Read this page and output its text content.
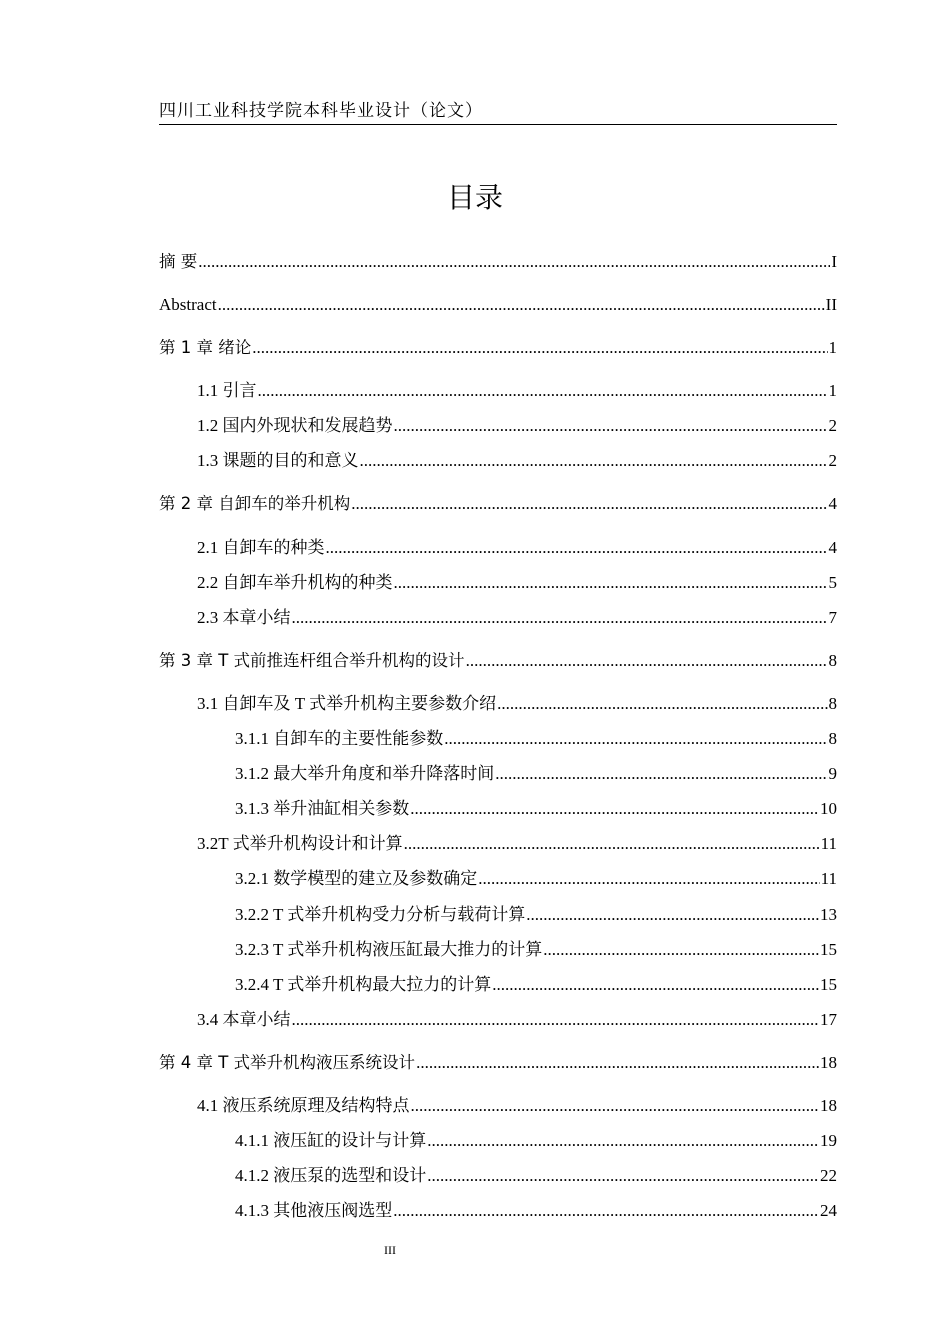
四川工业科技学院本科毕业设计（论文）
目录
摘 要 .....	I
Abstract .....	II
第 1 章 绪论 .....	1
1.1 引言 .....	1
1.2 国内外现状和发展趋势 .....	2
1.3 课题的目的和意义 .....	2
第 2 章 自卸车的举升机构 .....	4
2.1 自卸车的种类 .....	4
2.2 自卸车举升机构的种类 .....	5
2.3 本章小结 .....	7
第 3 章 T 式前推连杆组合举升机构的设计 .....	8
3.1 自卸车及 T 式举升机构主要参数介绍 .....	8
3.1.1 自卸车的主要性能参数 .....	8
3.1.2 最大举升角度和举升降落时间 .....	9
3.1.3 举升油缸相关参数 .....	10
3.2T 式举升机构设计和计算 .....	11
3.2.1 数学模型的建立及参数确定 .....	11
3.2.2 T 式举升机构受力分析与载荷计算 .....	13
3.2.3 T 式举升机构液压缸最大推力的计算 .....	15
3.2.4 T 式举升机构最大拉力的计算 .....	15
3.4 本章小结 .....	17
第 4 章 T 式举升机构液压系统设计 .....	18
4.1 液压系统原理及结构特点 .....	18
4.1.1 液压缸的设计与计算 .....	19
4.1.2 液压泵的选型和设计 .....	22
4.1.3 其他液压阀选型 .....	24
III
